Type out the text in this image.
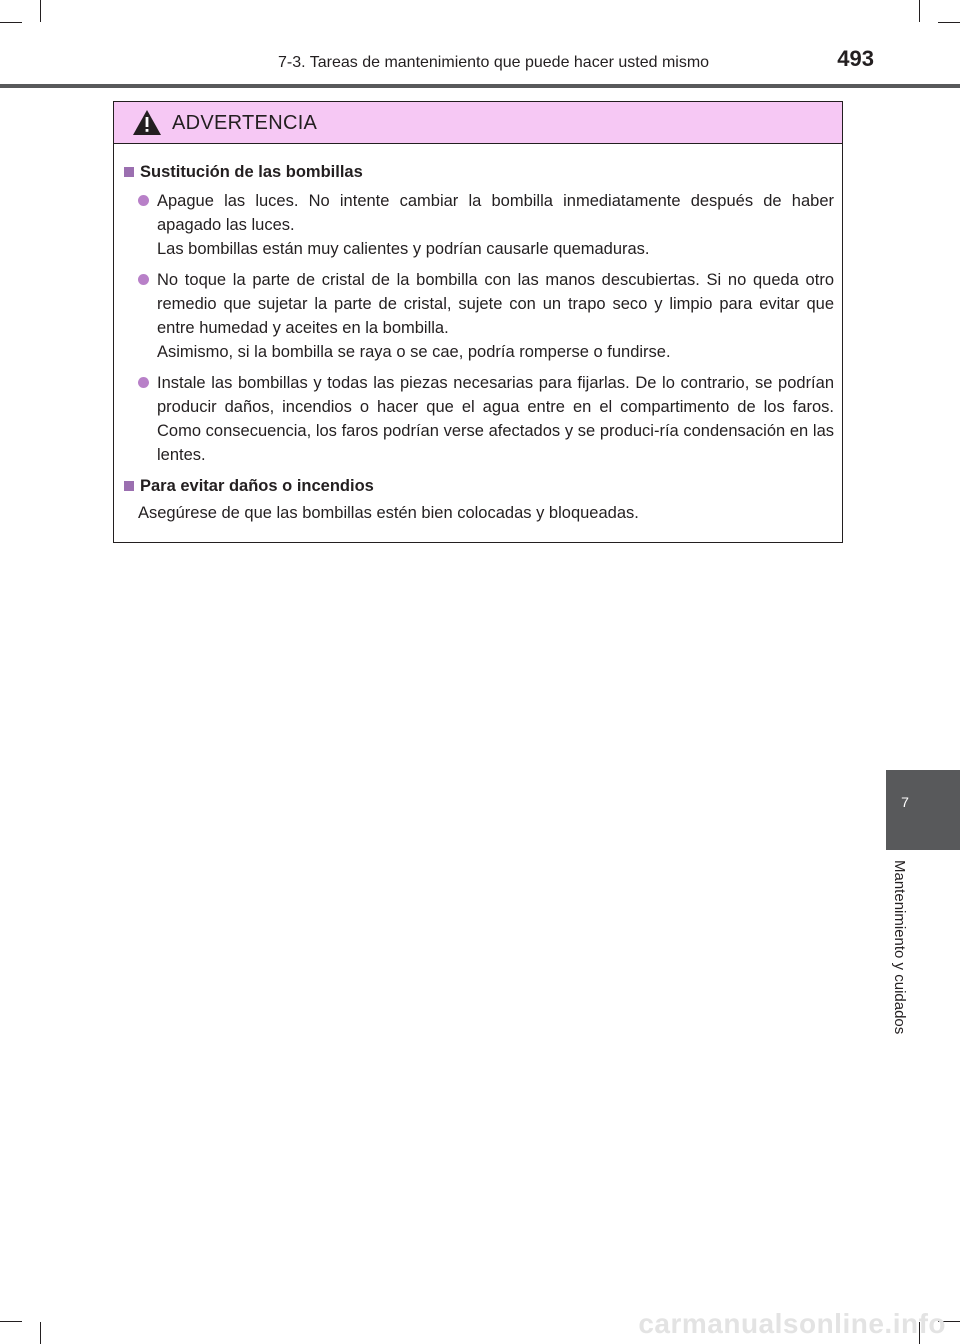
7-3. Tareas de mantenimiento que puede hacer usted mismo	493
ADVERTENCIA
Sustitución de las bombillas
Apague las luces. No intente cambiar la bombilla inmediatamente después de haber apagado las luces.
Las bombillas están muy calientes y podrían causarle quemaduras.
No toque la parte de cristal de la bombilla con las manos descubiertas. Si no queda otro remedio que sujetar la parte de cristal, sujete con un trapo seco y limpio para evitar que entre humedad y aceites en la bombilla.
Asimismo, si la bombilla se raya o se cae, podría romperse o fundirse.
Instale las bombillas y todas las piezas necesarias para fijarlas. De lo contrario, se podrían producir daños, incendios o hacer que el agua entre en el compartimento de los faros. Como consecuencia, los faros podrían verse afectados y se produci-ría condensación en las lentes.
Para evitar daños o incendios
Asegúrese de que las bombillas estén bien colocadas y bloqueadas.
7
Mantenimiento y cuidados
carmanualsonline.info
